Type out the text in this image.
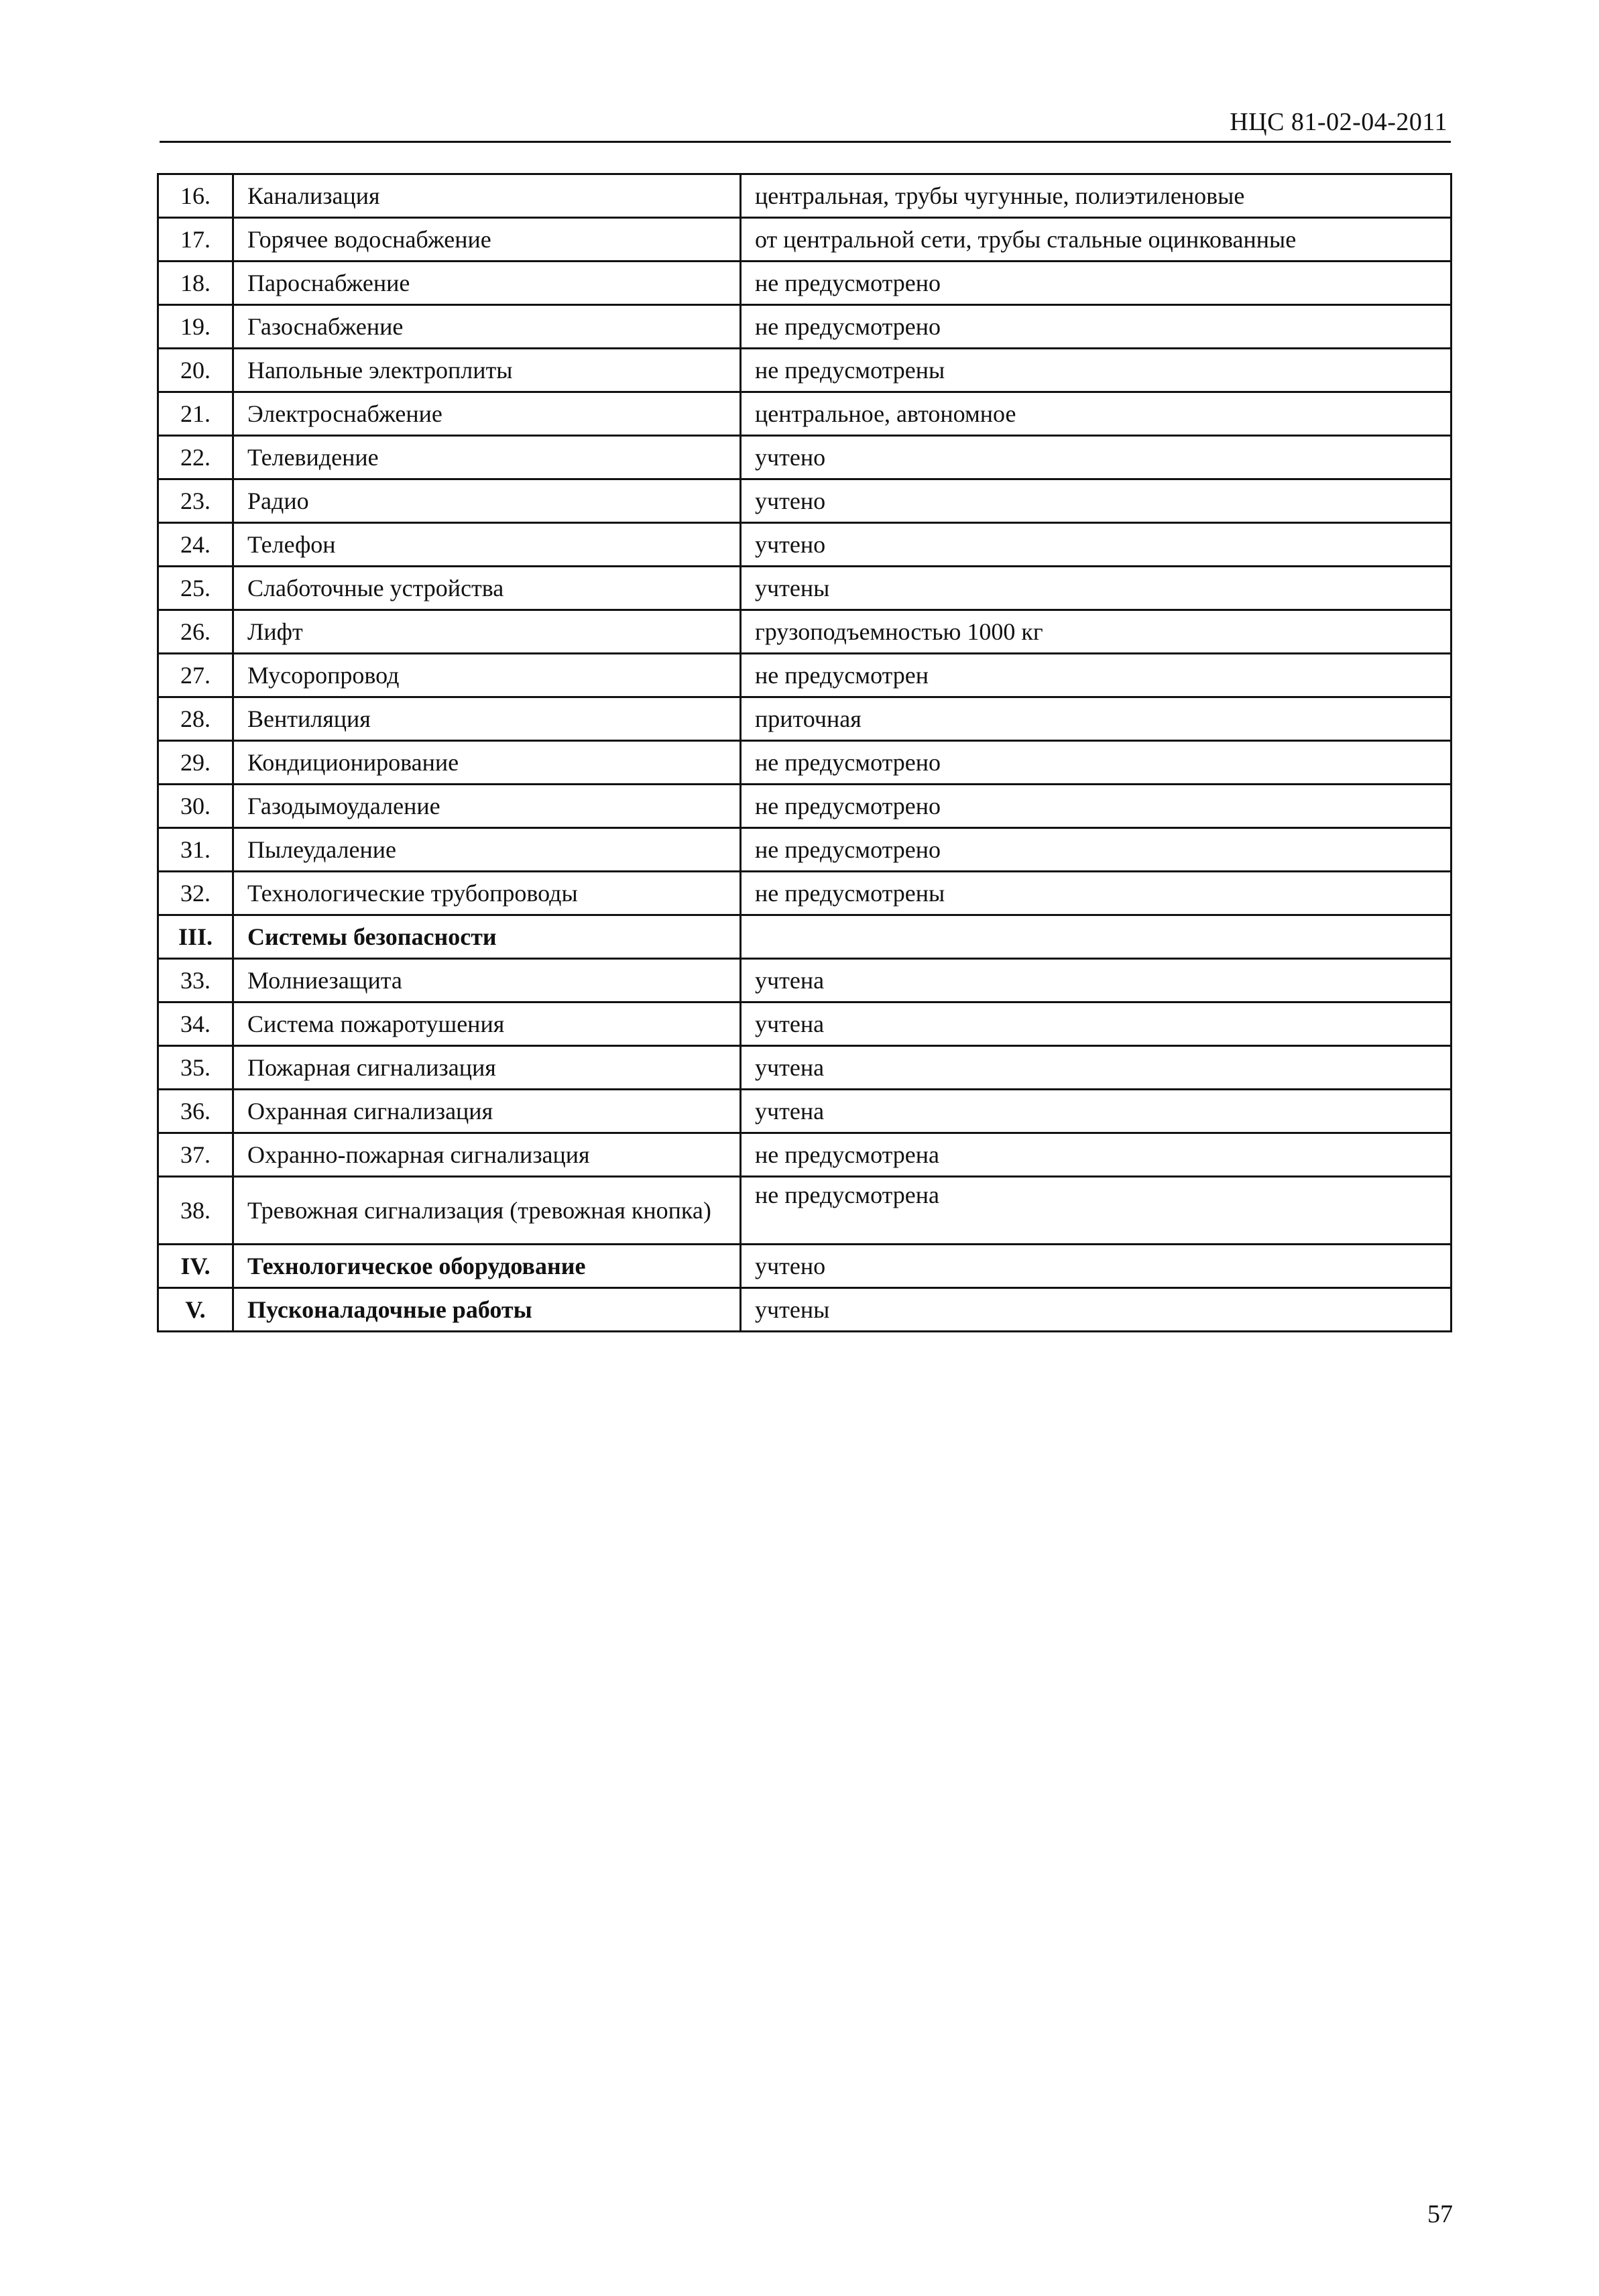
НЦС 81-02-04-2011
16.	Канализация	центральная, трубы чугунные, полиэтиленовые
17.	Горячее водоснабжение	от центральной сети, трубы стальные оцинкованные
18.	Пароснабжение	не предусмотрено
19.	Газоснабжение	не предусмотрено
20.	Напольные электроплиты	не предусмотрены
21.	Электроснабжение	центральное, автономное
22.	Телевидение	учтено
23.	Радио	учтено
24.	Телефон	учтено
25.	Слаботочные устройства	учтены
26.	Лифт	грузоподъемностью 1000 кг
27.	Мусоропровод	не предусмотрен
28.	Вентиляция	приточная
29.	Кондиционирование	не предусмотрено
30.	Газодымоудаление	не предусмотрено
31.	Пылеудаление	не предусмотрено
32.	Технологические трубопроводы	не предусмотрены
III.	Системы безопасности	
33.	Молниезащита	учтена
34.	Система пожаротушения	учтена
35.	Пожарная сигнализация	учтена
36.	Охранная сигнализация	учтена
37.	Охранно-пожарная сигнализация	не предусмотрена
38.	Тревожная сигнализация (тревожная кнопка)	не предусмотрена
IV.	Технологическое оборудование	учтено
V.	Пусконаладочные работы	учтены
57
